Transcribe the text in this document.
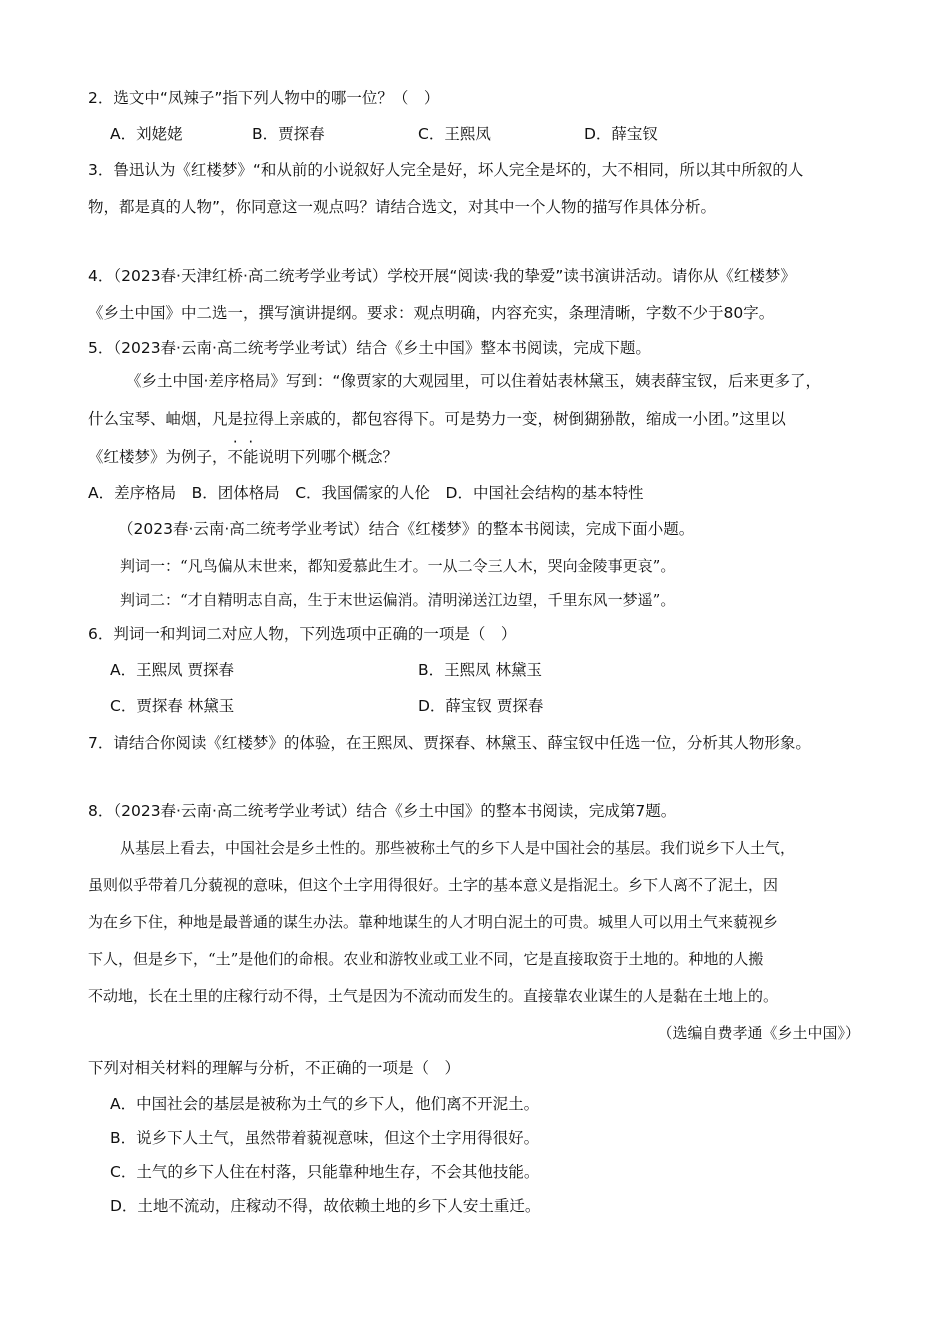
2．选文中“凤辣子”指下列人物中的哪一位？（　）
A．刘姥姥	B．贾探春	C．王熙凤	D．薛宝钗
3．鲁迅认为《红楼梦》“和从前的小说叙好人完全是好，坏人完全是坏的，大不相同，所以其中所叙的人
物，都是真的人物”，你同意这一观点吗？请结合选文，对其中一个人物的描写作具体分析。
4．（2023春·天津红桥·高二统考学业考试）学校开展“阅读·我的挚爱”读书演讲活动。请你从《红楼梦》
《乡土中国》中二选一，撰写演讲提纲。要求：观点明确，内容充实，条理清晰，字数不少于80字。
5．（2023春·云南·高二统考学业考试）结合《乡土中国》整本书阅读，完成下题。
《乡土中国·差序格局》写到：“像贾家的大观园里，可以住着姑表林黛玉，姨表薛宝钗，后来更多了，
什么宝琴、岫烟，凡是拉得上亲戚的，都包容得下。可是势力一变，树倒猢狲散，缩成一小团。”这里以
《红楼梦》为例子，不能说明下列哪个概念？
A．差序格局　B．团体格局　C．我国儒家的人伦　D．中国社会结构的基本特性
（2023春·云南·高二统考学业考试）结合《红楼梦》的整本书阅读，完成下面小题。
判词一：“凡鸟偏从末世来，都知爱慕此生才。一从二令三人木，哭向金陵事更哀”。
判词二：“才自精明志自高，生于末世运偏消。清明涕送江边望，千里东风一梦遥”。
6．判词一和判词二对应人物，下列选项中正确的一项是（　）
A．王熙凤 贾探春	B．王熙凤 林黛玉
C．贾探春 林黛玉	D．薛宝钗 贾探春
7．请结合你阅读《红楼梦》的体验，在王熙凤、贾探春、林黛玉、薛宝钗中任选一位，分析其人物形象。
8．（2023春·云南·高二统考学业考试）结合《乡土中国》的整本书阅读，完成第7题。
从基层上看去，中国社会是乡土性的。那些被称土气的乡下人是中国社会的基层。我们说乡下人土气，
虽则似乎带着几分藐视的意味，但这个土字用得很好。土字的基本意义是指泥土。乡下人离不了泥土，因
为在乡下住，种地是最普通的谋生办法。靠种地谋生的人才明白泥土的可贵。城里人可以用土气来藐视乡
下人，但是乡下，“土”是他们的命根。农业和游牧业或工业不同，它是直接取资于土地的。种地的人搬
不动地，长在土里的庄稼行动不得，土气是因为不流动而发生的。直接靠农业谋生的人是黏在土地上的。
（选编自费孝通《乡土中国》）
下列对相关材料的理解与分析，不正确的一项是（　）
A．中国社会的基层是被称为土气的乡下人，他们离不开泥土。
B．说乡下人土气，虽然带着藐视意味，但这个土字用得很好。
C．土气的乡下人住在村落，只能靠种地生存，不会其他技能。
D．土地不流动，庄稼动不得，故依赖土地的乡下人安土重迁。
